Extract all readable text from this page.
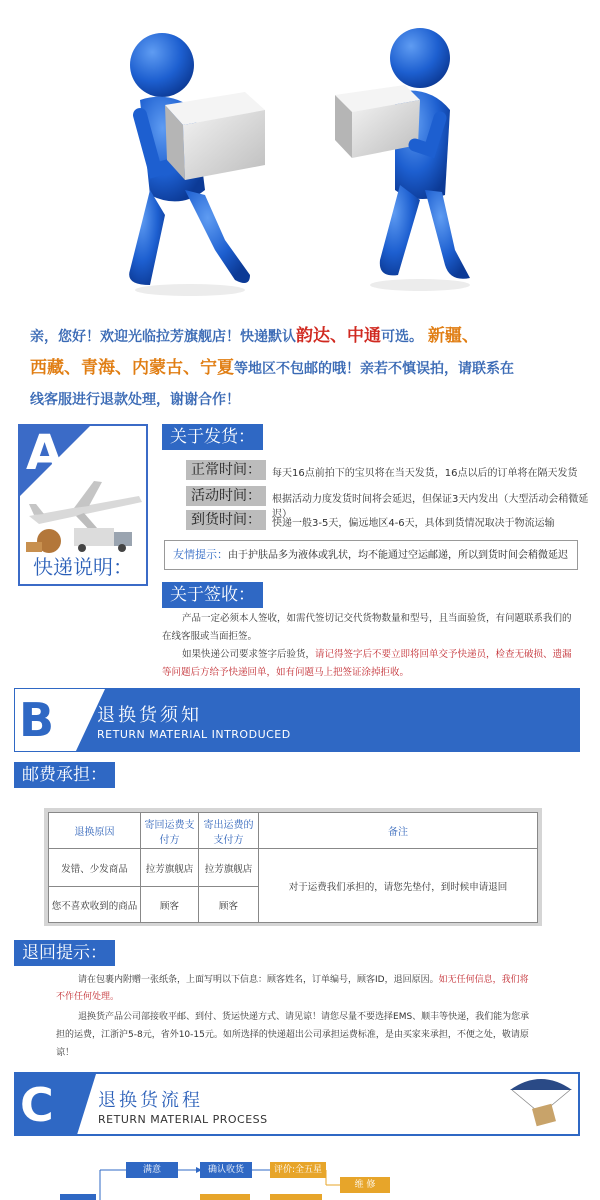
亲，您好！欢迎光临拉芳旗舰店！快递默认韵达、中通可选。 新疆、
西藏、青海、内蒙古、宁夏等地区不包邮的哦！亲若不慎误拍，请联系在
线客服进行退款处理，谢谢合作！
A
快递说明：
关于发货：
正常时间：	每天16点前拍下的宝贝将在当天发货，16点以后的订单将在隔天发货
活动时间：	根据活动力度发货时间将会延迟，但保证3天内发出（大型活动会稍微延迟）
到货时间：	快递一般3-5天，偏远地区4-6天，具体到货情况取决于物流运输
友情提示：由于护肤品多为液体或乳状，均不能通过空运邮递，所以到货时间会稍微延迟
关于签收：
产品一定必须本人签收，如需代签切记交代货物数量和型号，且当面验货，有问题联系我们的
在线客服或当面拒签。
如果快递公司要求签字后验货，请记得签字后不要立即将回单交予快递员，检查无破损、遗漏
等问题后方给予快递回单，如有问题马上把签证涂掉拒收。
B 退换货须知
RETURN MATERIAL INTRODUCED
邮费承担：
退换原因	寄回运费支付方	寄出运费的支付方	备注
发错、少发商品	拉芳旗舰店	拉芳旗舰店	对于运费我们承担的，请您先垫付，到时候申请退回
您不喜欢收到的商品	顾客	顾客	
退回提示：
请在包裹内附赠一张纸条，上面写明以下信息：顾客姓名，订单编号，顾客ID，退回原因。如无任何信息，我们将
不作任何处理。
退换货产品公司部接收平邮、到付、货运快递方式、请见谅！请您尽量不要选择EMS、顺丰等快递，我们能为您承
担的运费，江浙沪5-8元，省外10-15元。如所选择的快递超出公司承担运费标准，是由买家来承担，不便之处，敬请原
谅！
C 退换货流程
RETURN MATERIAL PROCESS
满意	确认收货	评价:全五星
维 修
